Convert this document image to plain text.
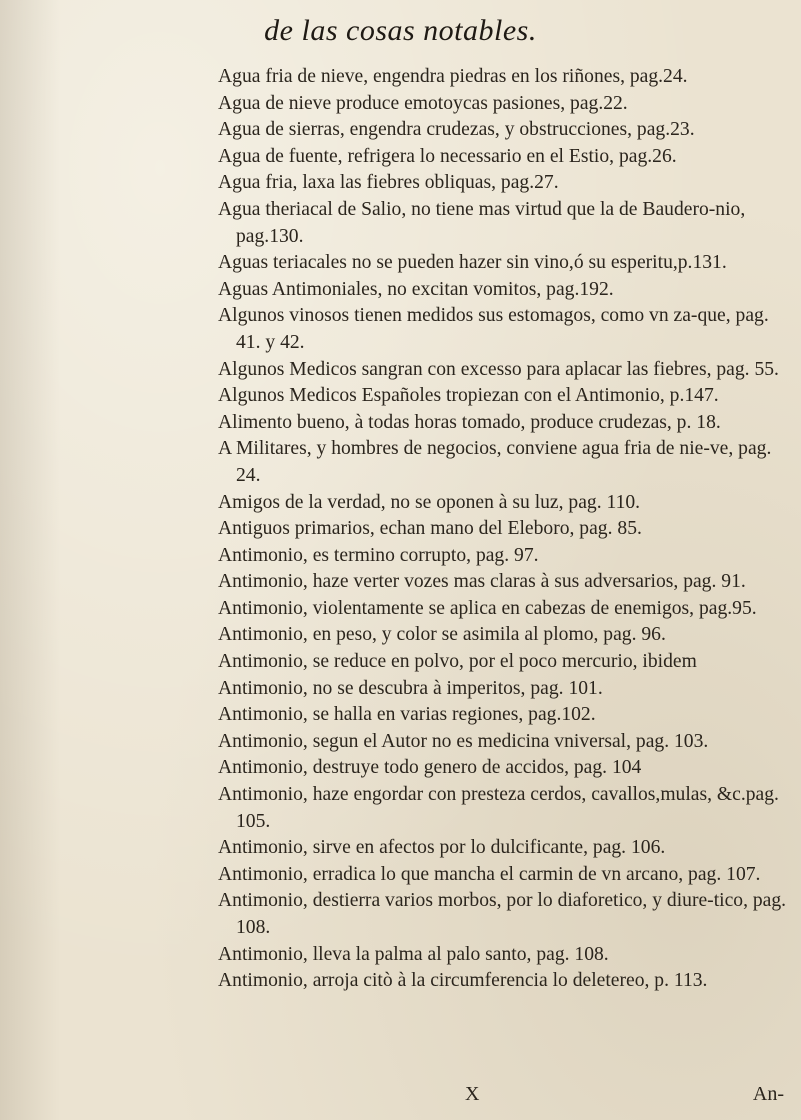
de las cosas notables.
Agua fria de nieve, engendra piedras en los riñones, pag.24.
Agua de nieve produce emotoycas pasiones, pag.22.
Agua de sierras, engendra crudezas, y obstrucciones, pag.23.
Agua de fuente, refrigera lo necessario en el Estio, pag.26.
Agua fria, laxa las fiebres obliquas, pag.27.
Agua theriacal de Salio, no tiene mas virtud que la de Baudero-nio, pag.130.
Aguas teriacales no se pueden hazer sin vino,ó su esperitu,p.131.
Aguas Antimoniales, no excitan vomitos, pag.192.
Algunos vinosos tienen medidos sus estomagos, como vn za-que, pag. 41. y 42.
Algunos Medicos sangran con excesso para aplacar las fiebres, pag. 55.
Algunos Medicos Españoles tropiezan con el Antimonio, p.147.
Alimento bueno, à todas horas tomado, produce crudezas, p. 18.
A Militares, y hombres de negocios, conviene agua fria de nie-ve, pag. 24.
Amigos de la verdad, no se oponen à su luz, pag. 110.
Antiguos primarios, echan mano del Eleboro, pag. 85.
Antimonio, es termino corrupto, pag. 97.
Antimonio, haze verter vozes mas claras à sus adversarios, pag. 91.
Antimonio, violentamente se aplica en cabezas de enemigos, pag.95.
Antimonio, en peso, y color se asimila al plomo, pag. 96.
Antimonio, se reduce en polvo, por el poco mercurio, ibidem
Antimonio, no se descubra à imperitos, pag. 101.
Antimonio, se halla en varias regiones, pag.102.
Antimonio, segun el Autor no es medicina vniversal, pag. 103.
Antimonio, destruye todo genero de accidos, pag. 104
Antimonio, haze engordar con presteza cerdos, cavallos,mulas, &c.pag. 105.
Antimonio, sirve en afectos por lo dulcificante, pag. 106.
Antimonio, erradica lo que mancha el carmin de vn arcano, pag. 107.
Antimonio, destierra varios morbos, por lo diaforetico, y diure-tico, pag. 108.
Antimonio, lleva la palma al palo santo, pag. 108.
Antimonio, arroja citò à la circumferencia lo deletereo, p. 113.
X	An-
